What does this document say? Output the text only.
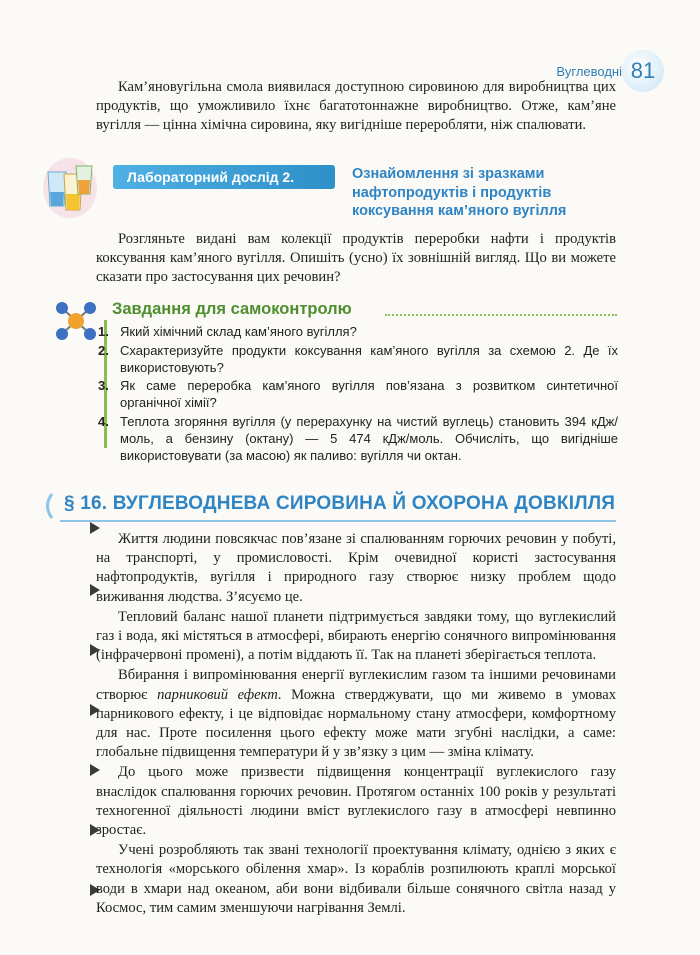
Вуглеводні 81

Кам’яновугільна смола виявилася доступною сировиною для виробництва цих продуктів, що уможливило їхнє багатотоннажне виробництво. Отже, кам’яне вугілля — цінна хімічна сировина, яку вигідніше переробляти, ніж спалювати.

Лабораторний дослід 2.	Ознайомлення зі зразками
нафтопродуктів і продуктів
коксування кам’яного вугілля

Розгляньте видані вам колекції продуктів переробки нафти і продуктів коксування кам’яного вугілля. Опишіть (усно) їх зовнішній вигляд. Що ви можете сказати про застосування цих речовин?

Завдання для самоконтролю
1. Який хімічний склад кам’яного вугілля?
2. Схарактеризуйте продукти коксування кам’яного вугілля за схемою 2. Де їх використовують?
3. Як саме переробка кам’яного вугілля пов’язана з розвитком синтетичної органічної хімії?
4. Теплота згоряння вугілля (у перерахунку на чистий вуглець) становить 394 кДж/моль, а бензину (октану) — 5 474 кДж/моль. Обчисліть, що вигідніше використовувати (за масою) як паливо: вугілля чи октан.
§ 16. ВУГЛЕВОДНЕВА СИРОВИНА Й ОХОРОНА ДОВКІЛЛЯ

Життя людини повсякчас пов’язане зі спалюванням горючих речовин у побуті, на транспорті, у промисловості. Крім очевидної користі застосування нафтопродуктів, вугілля і природного газу створює низку проблем щодо виживання людства. З’ясуємо це.

Тепловий баланс нашої планети підтримується завдяки тому, що вуглекислий газ і вода, які містяться в атмосфері, вбирають енергію сонячного випромінювання (інфрачервоні промені), а потім віддають її. Так на планеті зберігається теплота.

Вбирання і випромінювання енергії вуглекислим газом та іншими речовинами створює парниковий ефект. Можна стверджувати, що ми живемо в умовах парникового ефекту, і це відповідає нормальному стану атмосфери, комфортному для нас. Проте посилення цього ефекту може мати згубні наслідки, а саме: глобальне підвищення температури й у зв’язку з цим — зміна клімату.

До цього може призвести підвищення концентрації вуглекислого газу внаслідок спалювання горючих речовин. Протягом останніх 100 років у результаті техногенної діяльності людини вміст вуглекислого газу в атмосфері невпинно зростає.

Учені розробляють так звані технології проектування клімату, однією з яких є технологія «морського обілення хмар». Із кораблів розпилюють краплі морської води в хмари над океаном, аби вони відбивали більше сонячного світла назад у Космос, тим самим зменшуючи нагрівання Землі.
